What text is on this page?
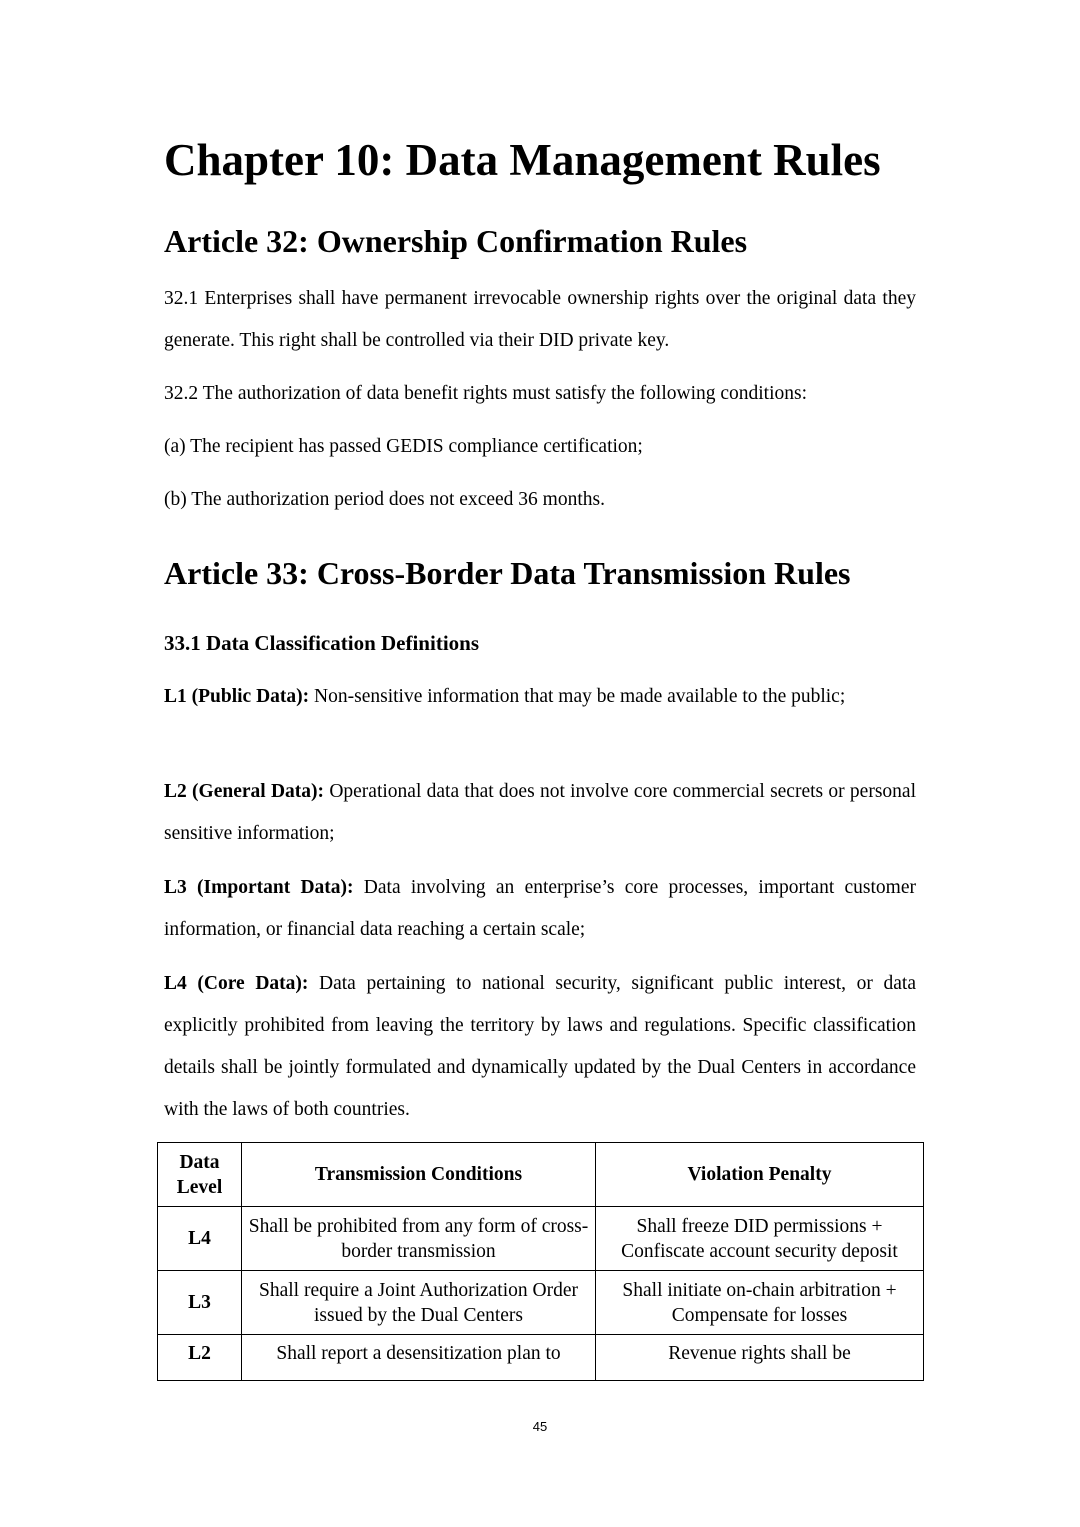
Chapter 10: Data Management Rules
Article 32: Ownership Confirmation Rules

32.1 Enterprises shall have permanent irrevocable ownership rights over the original data they generate. This right shall be controlled via their DID private key.

32.2 The authorization of data benefit rights must satisfy the following conditions:

(a) The recipient has passed GEDIS compliance certification;

(b) The authorization period does not exceed 36 months.

Article 33: Cross-Border Data Transmission Rules
33.1 Data Classification Definitions

L1 (Public Data): Non-sensitive information that may be made available to the public;

L2 (General Data): Operational data that does not involve core commercial secrets or personal sensitive information;

L3 (Important Data): Data involving an enterprise’s core processes, important customer information, or financial data reaching a certain scale;

L4 (Core Data): Data pertaining to national security, significant public interest, or data explicitly prohibited from leaving the territory by laws and regulations. Specific classification details shall be jointly formulated and dynamically updated by the Dual Centers in accordance with the laws of both countries.

Data Level	Transmission Conditions	Violation Penalty
L4	Shall be prohibited from any form of cross-border transmission	Shall freeze DID permissions + Confiscate account security deposit
L3	Shall require a Joint Authorization Order issued by the Dual Centers	Shall initiate on-chain arbitration + Compensate for losses
L2	Shall report a desensitization plan to	Revenue rights shall be
45
